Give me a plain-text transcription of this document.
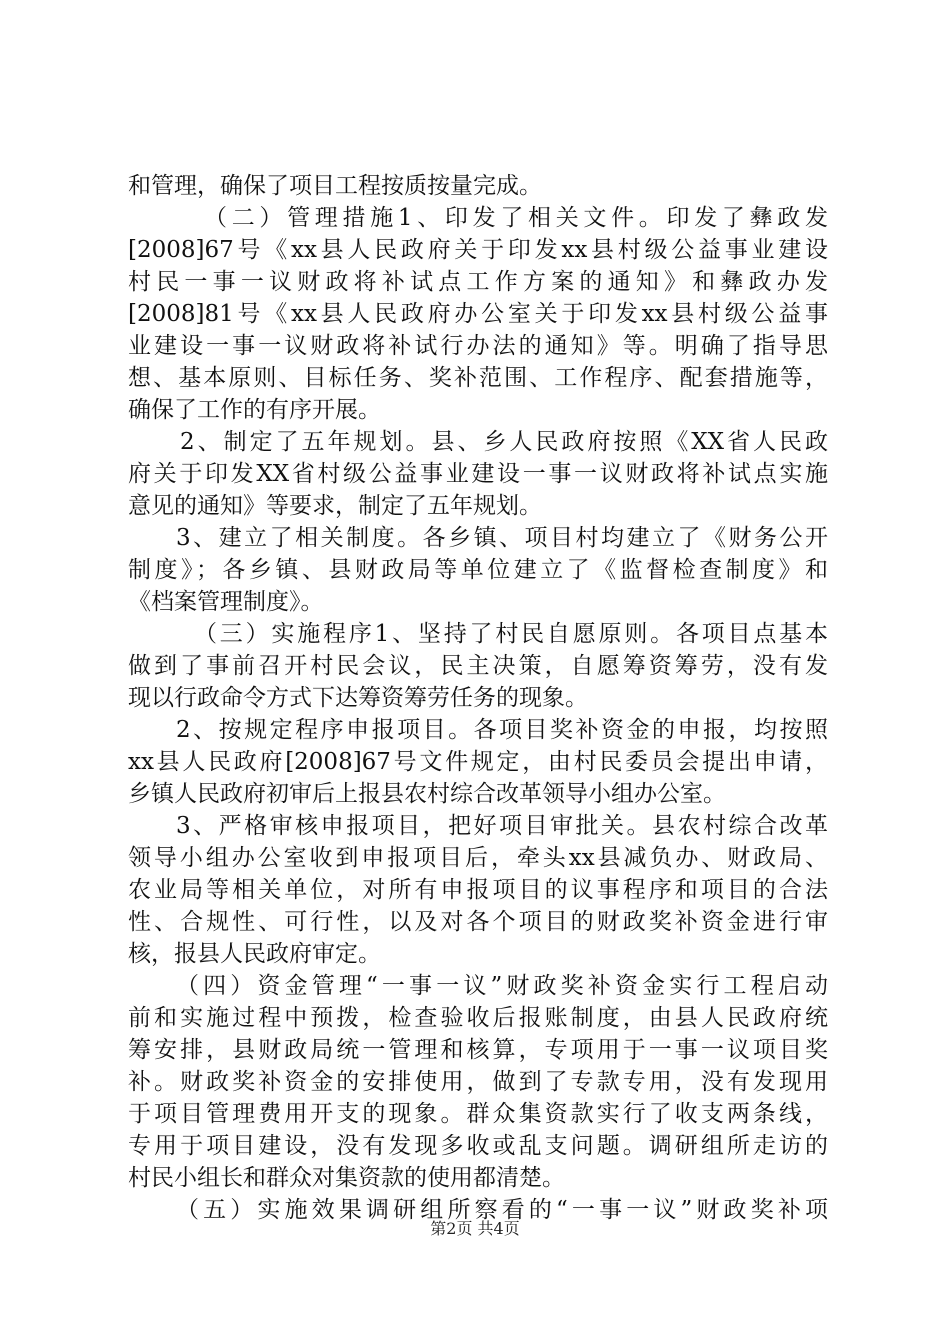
和管理，确保了项目工程按质按量完成。
（二）管理措施1、印发了相关文件。印发了彝政发
[2008]67号《xx县人民政府关于印发xx县村级公益事业建设
村民一事一议财政将补试点工作方案的通知》和彝政办发
[2008]81号《xx县人民政府办公室关于印发xx县村级公益事
业建设一事一议财政将补试行办法的通知》等。明确了指导思
想、基本原则、目标任务、奖补范围、工作程序、配套措施等，
确保了工作的有序开展。
2、制定了五年规划。县、乡人民政府按照《XX省人民政
府关于印发XX省村级公益事业建设一事一议财政将补试点实施
意见的通知》等要求，制定了五年规划。
3、建立了相关制度。各乡镇、项目村均建立了《财务公开
制度》；各乡镇、县财政局等单位建立了《监督检查制度》和
《档案管理制度》。
（三）实施程序1、坚持了村民自愿原则。各项目点基本
做到了事前召开村民会议，民主决策，自愿筹资筹劳，没有发
现以行政命令方式下达筹资筹劳任务的现象。
2、按规定程序申报项目。各项目奖补资金的申报，均按照
xx县人民政府[2008]67号文件规定，由村民委员会提出申请，
乡镇人民政府初审后上报县农村综合改革领导小组办公室。
3、严格审核申报项目，把好项目审批关。县农村综合改革
领导小组办公室收到申报项目后，牵头xx县减负办、财政局、
农业局等相关单位，对所有申报项目的议事程序和项目的合法
性、合规性、可行性，以及对各个项目的财政奖补资金进行审
核，报县人民政府审定。
（四）资金管理“一事一议”财政奖补资金实行工程启动
前和实施过程中预拨，检查验收后报账制度，由县人民政府统
筹安排，县财政局统一管理和核算，专项用于一事一议项目奖
补。财政奖补资金的安排使用，做到了专款专用，没有发现用
于项目管理费用开支的现象。群众集资款实行了收支两条线，
专用于项目建设，没有发现多收或乱支问题。调研组所走访的
村民小组长和群众对集资款的使用都清楚。
（五）实施效果调研组所察看的“一事一议”财政奖补项
第2页 共4页
